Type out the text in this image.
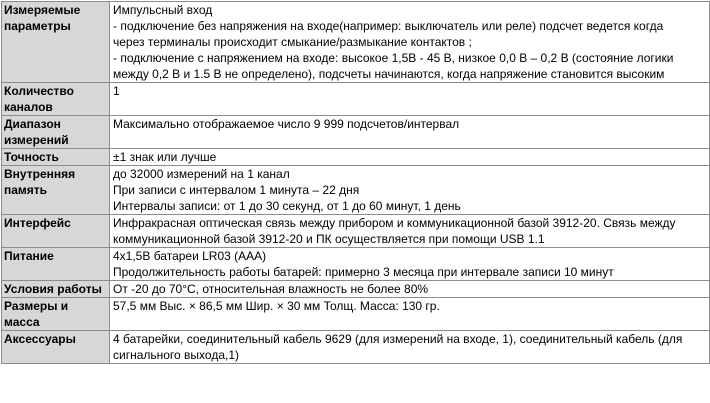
Измеряемые параметры	Импульсный вход
- подключение без напряжения на входе(например: выключатель или реле) подсчет ведется когда
через терминалы происходит смыкание/размыкание контактов ;
- подключение с напряжением на входе: высокое 1,5В - 45 В, низкое 0,0 В – 0,2 В (состояние логики
между 0,2 В и 1.5 В не определено), подсчеты начинаются, когда напряжение становится высоким

Количество каналов	1

Диапазон измерений	Максимально отображаемое число 9 999 подсчетов/интервал

Точность	±1 знак или лучше

Внутренняя память	до 32000 измерений на 1 канал
При записи с интервалом 1 минута – 22 дня
Интервалы записи: от 1 до 30 секунд, от 1 до 60 минут, 1 день

Интерфейс	Инфракрасная оптическая связь между прибором и коммуникационной базой 3912-20. Связь между
коммуникационной базой 3912-20 и ПК осуществляется при помощи USB 1.1

Питание	4x1,5В батареи LR03 (AAA)
Продолжительность работы батарей: примерно 3 месяца при интервале записи 10 минут

Условия работы	От -20 до 70°С, относительная влажность не более 80%

Размеры и масса	57,5 мм Выс. × 86,5 мм Шир. × 30 мм Толщ. Масса: 130 гр.

Аксессуары	4 батарейки, соединительный кабель 9629 (для измерений на входе, 1), соединительный кабель (для
сигнального выхода,1)
